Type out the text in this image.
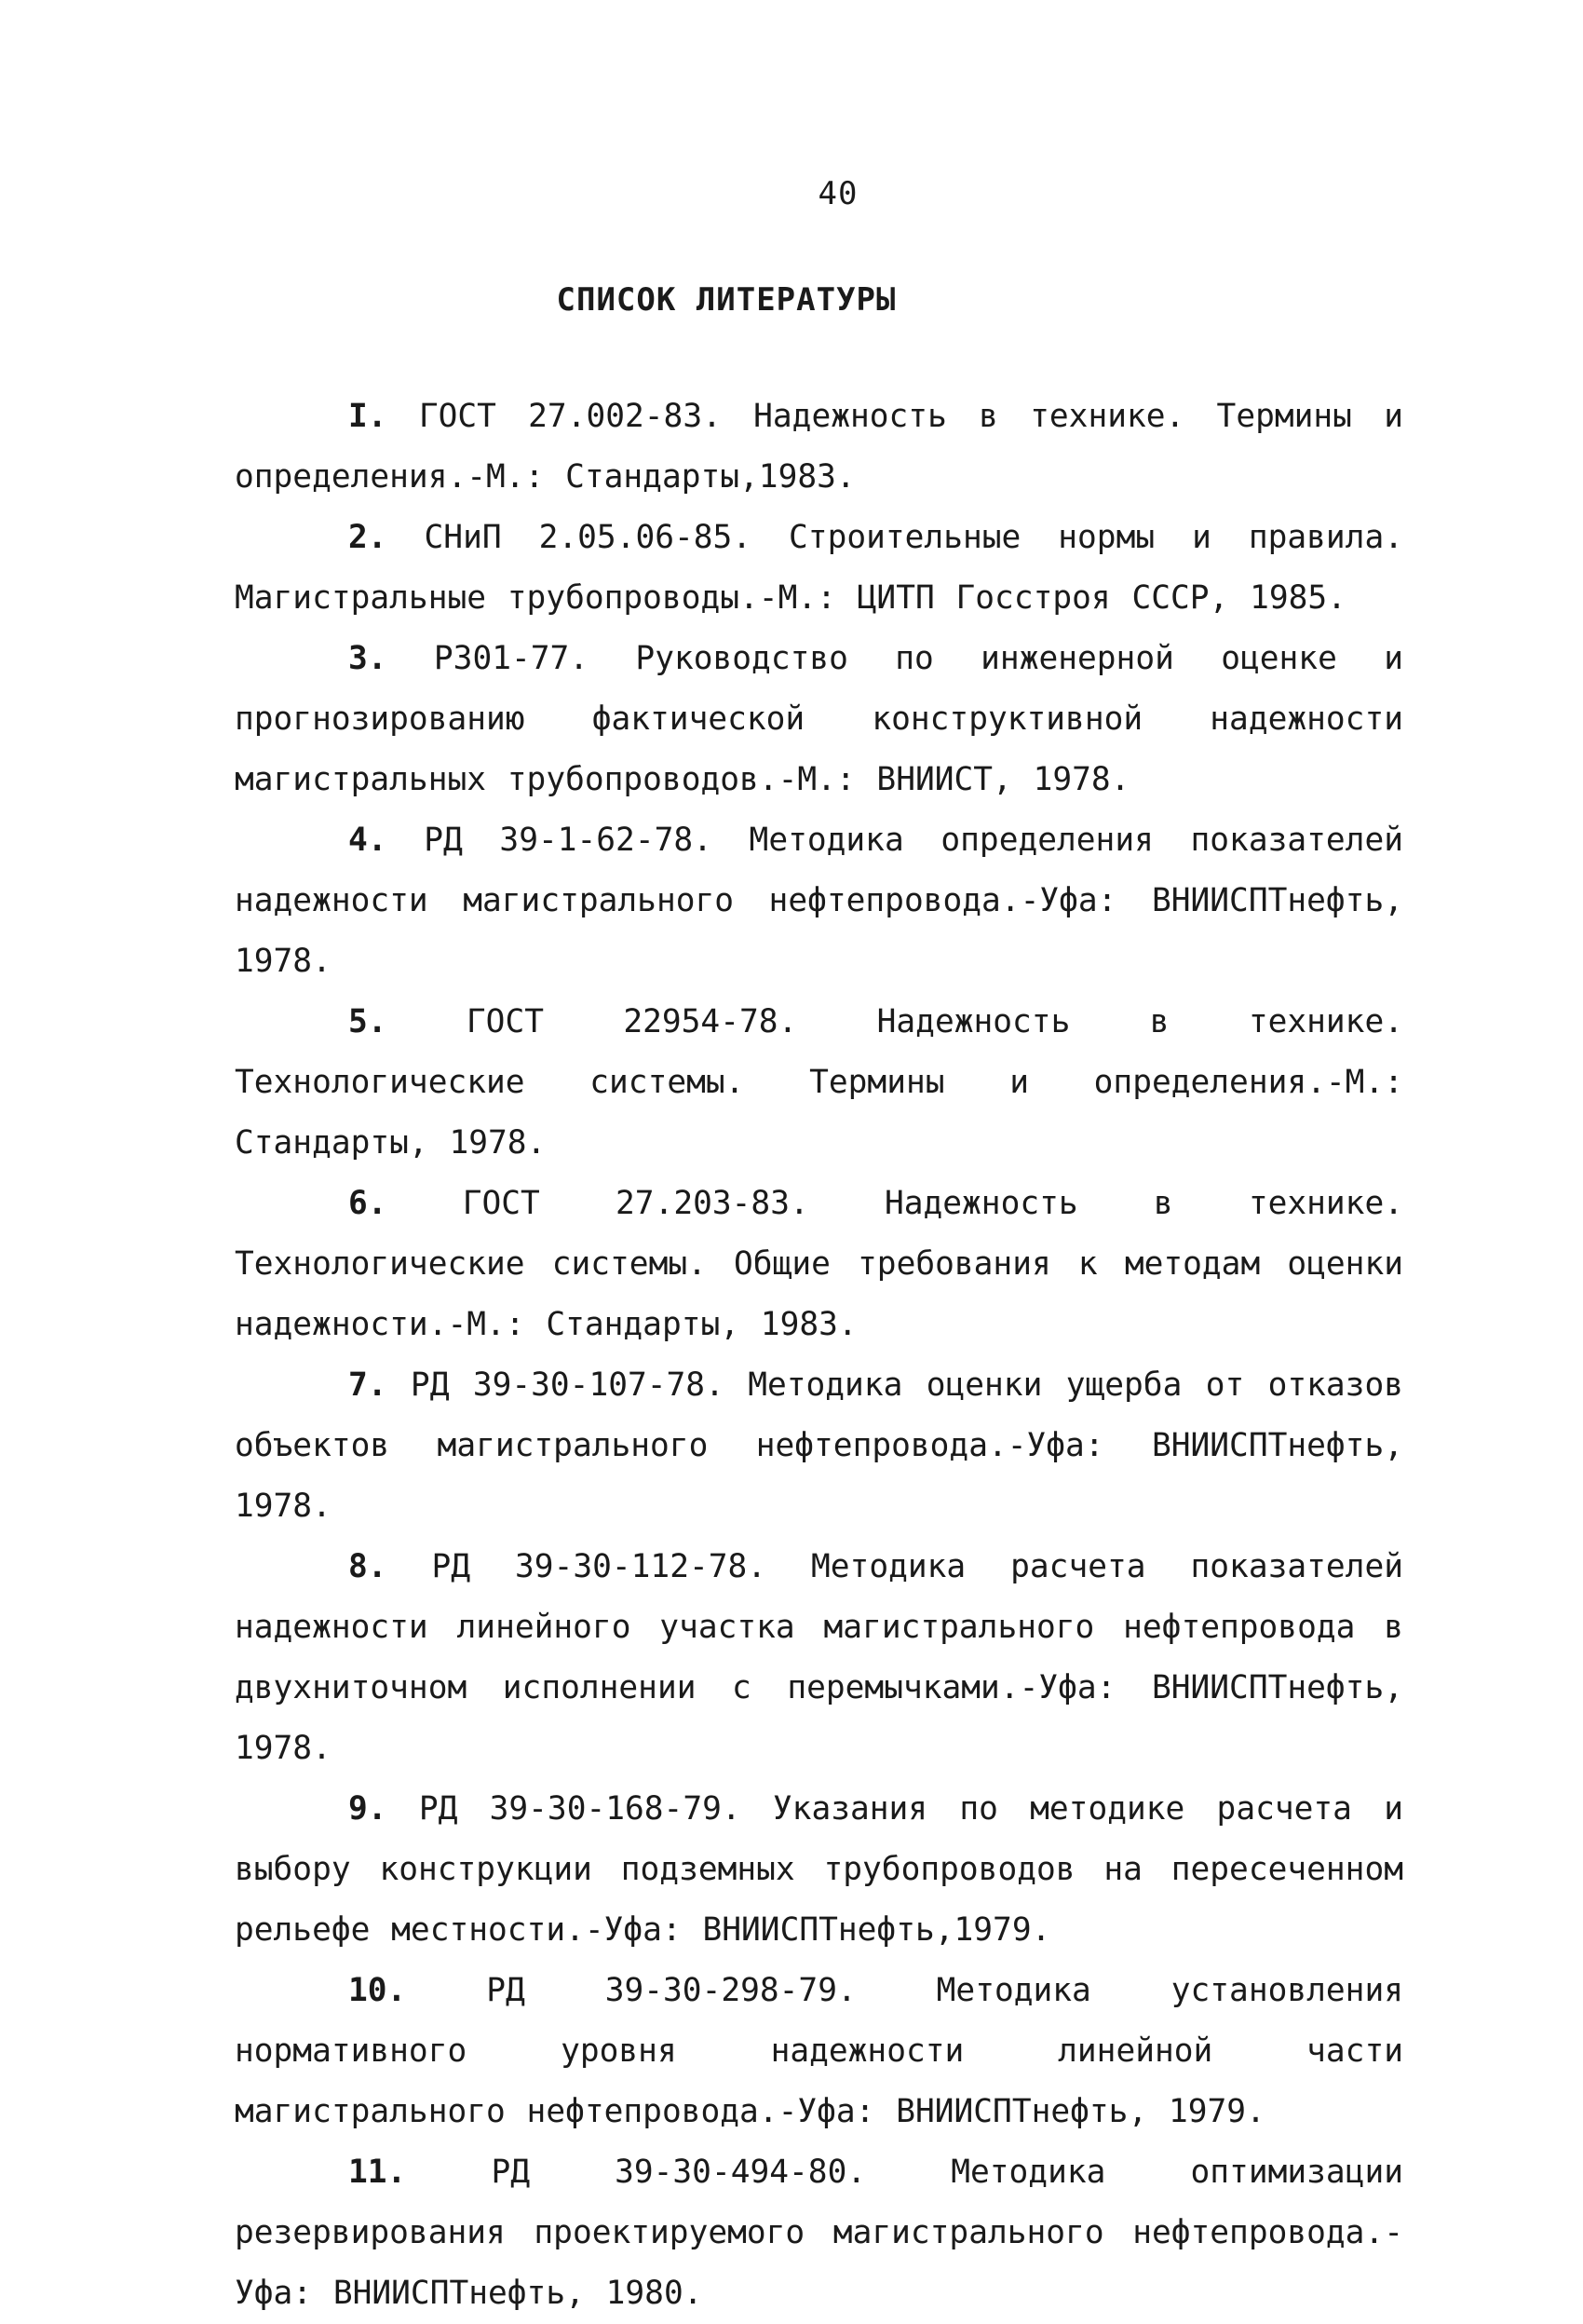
40
СПИСОК ЛИТЕРАТУРЫ
I. ГОСТ 27.002-83. Надежность в технике. Термины и определения.-М.: Стандарты,1983.
2. СНиП 2.05.06-85. Строительные нормы и правила. Магистральные трубопроводы.-М.: ЦИТП Госстроя СССР, 1985.
3. Р301-77. Руководство по инженерной оценке и прогнозированию фактической конструктивной надежности магистральных трубопроводов.-М.: ВНИИСТ, 1978.
4. РД 39-1-62-78. Методика определения показателей надежности магистрального нефтепровода.-Уфа: ВНИИСПТнефть, 1978.
5. ГОСТ 22954-78. Надежность в технике. Технологические системы. Термины и определения.-М.: Стандарты, 1978.
6. ГОСТ 27.203-83. Надежность в технике. Технологические системы. Общие требования к методам оценки надежности.-М.: Стандарты, 1983.
7. РД 39-30-107-78. Методика оценки ущерба от отказов объектов магистрального нефтепровода.-Уфа: ВНИИСПТнефть, 1978.
8. РД 39-30-112-78. Методика расчета показателей надежности линейного участка магистрального нефтепровода в двухниточном исполнении с перемычками.-Уфа: ВНИИСПТнефть, 1978.
9. РД 39-30-168-79. Указания по методике расчета и выбору конструкции подземных трубопроводов на пересеченном рельефе местности.-Уфа: ВНИИСПТнефть,1979.
10. РД 39-30-298-79. Методика установления нормативного уровня надежности линейной части магистрального нефтепровода.-Уфа: ВНИИСПТнефть, 1979.
11.	РД 39-30-494-80. Методика оптимизации резервирования проектируемого магистрального нефтепровода.-Уфа: ВНИИСПТнефть, 1980.
